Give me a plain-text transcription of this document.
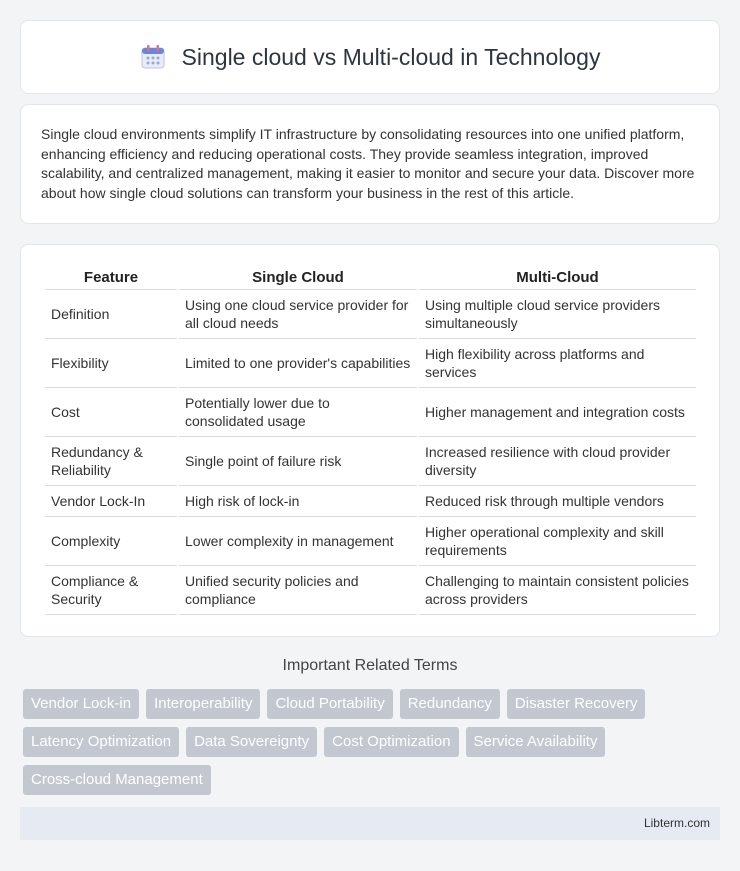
Single cloud vs Multi-cloud in Technology

Single cloud environments simplify IT infrastructure by consolidating resources into one unified platform, enhancing efficiency and reducing operational costs. They provide seamless integration, improved scalability, and centralized management, making it easier to monitor and secure your data. Discover more about how single cloud solutions can transform your business in the rest of this article.

Feature	Single Cloud	Multi-Cloud
Definition	Using one cloud service provider for all cloud needs	Using multiple cloud service providers simultaneously
Flexibility	Limited to one provider's capabilities	High flexibility across platforms and services
Cost	Potentially lower due to consolidated usage	Higher management and integration costs
Redundancy & Reliability	Single point of failure risk	Increased resilience with cloud provider diversity
Vendor Lock-In	High risk of lock-in	Reduced risk through multiple vendors
Complexity	Lower complexity in management	Higher operational complexity and skill requirements
Compliance & Security	Unified security policies and compliance	Challenging to maintain consistent policies across providers
Important Related Terms
Vendor Lock-in	Interoperability	Cloud Portability	Redundancy	Disaster Recovery
Latency Optimization	Data Sovereignty	Cost Optimization	Service Availability
Cross-cloud Management
Libterm.com
